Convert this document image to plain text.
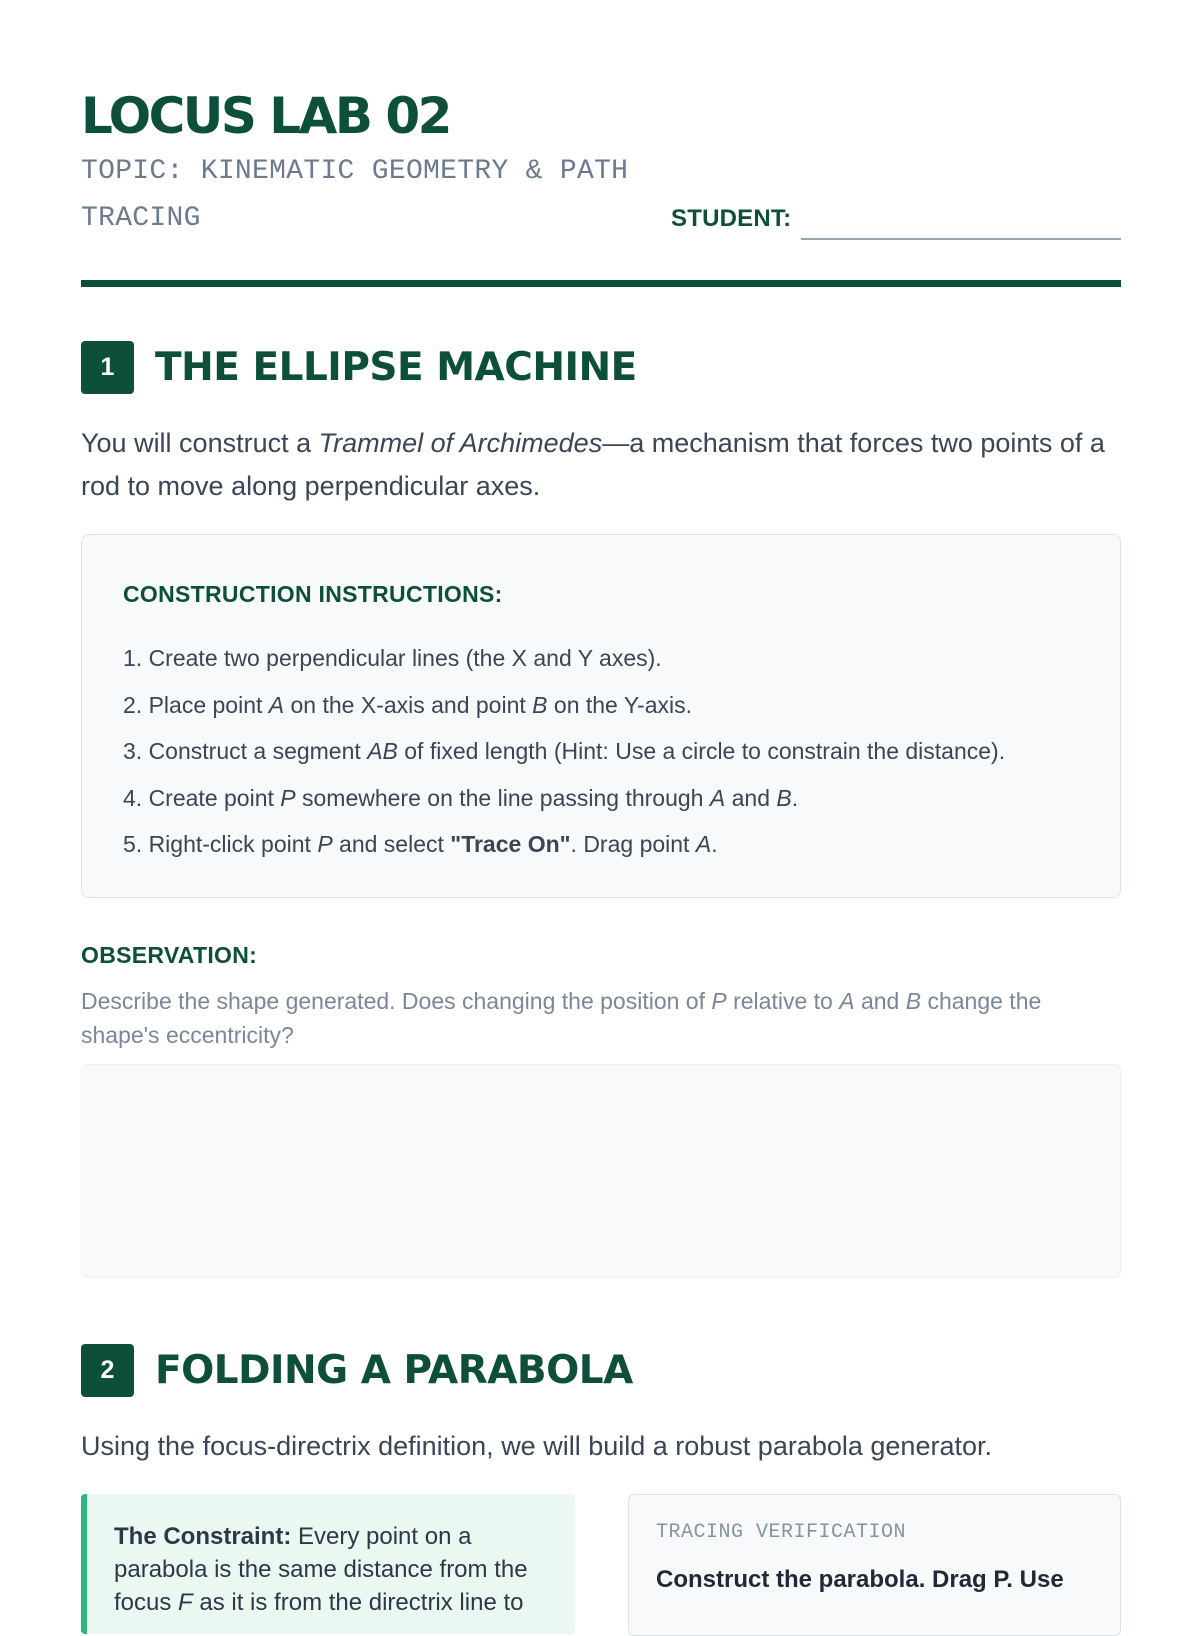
LOCUS LAB 02
TOPIC: KINEMATIC GEOMETRY & PATH TRACING	STUDENT:
1	THE ELLIPSE MACHINE
You will construct a Trammel of Archimedes—a mechanism that forces two points of a rod to move along perpendicular axes.
CONSTRUCTION INSTRUCTIONS:
1. Create two perpendicular lines (the X and Y axes).
2. Place point A on the X-axis and point B on the Y-axis.
3. Construct a segment AB of fixed length (Hint: Use a circle to constrain the distance).
4. Create point P somewhere on the line passing through A and B.
5. Right-click point P and select "Trace On". Drag point A.
OBSERVATION:
Describe the shape generated. Does changing the position of P relative to A and B change the shape's eccentricity?
2	FOLDING A PARABOLA
Using the focus-directrix definition, we will build a robust parabola generator.
The Constraint: Every point on a parabola is the same distance from the focus F as it is from the directrix line to
TRACING VERIFICATION
Construct the parabola. Drag P. Use
